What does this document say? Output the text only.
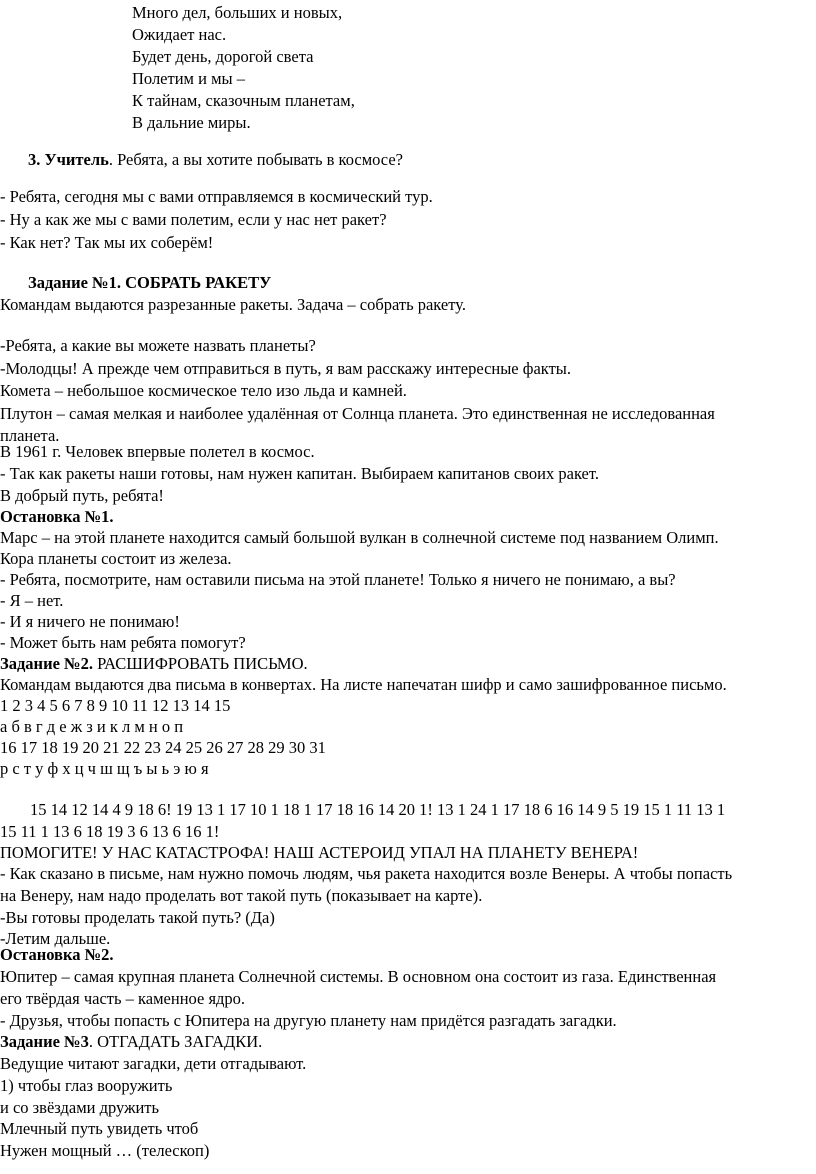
Много дел, больших и новых,
Ожидает нас.
Будет день, дорогой света
Полетим и мы –
К тайнам, сказочным планетам,
В дальние миры.
3. Учитель. Ребята, а вы хотите побывать в космосе?
- Ребята, сегодня мы с вами отправляемся в космический тур.
- Ну а как же мы с вами полетим, если у нас нет ракет?
- Как нет? Так мы их соберём!
Задание №1. СОБРАТЬ РАКЕТУ
Командам выдаются разрезанные ракеты. Задача – собрать ракету.
-Ребята, а какие вы можете назвать планеты?
-Молодцы! А прежде чем отправиться в путь, я вам расскажу интересные факты.
Комета – небольшое космическое тело изо льда и камней.
Плутон – самая мелкая и наиболее удалённая от Солнца планета. Это единственная не исследованная
планета.
В 1961 г. Человек впервые полетел в космос.
- Так как ракеты наши готовы, нам нужен капитан. Выбираем капитанов своих ракет.
В добрый путь, ребята!
Остановка №1.
Марс – на этой планете находится самый большой вулкан в солнечной системе под названием Олимп.
Кора планеты состоит из железа.
- Ребята, посмотрите, нам оставили письма на этой планете! Только я ничего не понимаю, а вы?
- Я – нет.
- И я ничего не понимаю!
- Может быть нам ребята помогут?
Задание №2. РАСШИФРОВАТЬ ПИСЬМО.
Командам выдаются два письма в конвертах. На листе напечатан шифр и само зашифрованное письмо.
1 2 3 4 5 6 7 8 9 10 11 12 13 14 15
а б в г д е ж з и к л м н о п
16 17 18 19 20 21 22 23 24 25 26 27 28 29 30 31
р с т у ф х ц ч ш щ ъ ы ь э ю я
15 14 12 14 4 9 18 6! 19 13 1 17 10 1 18 1 17 18 16 14 20 1! 13 1 24 1 17 18 6 16 14 9 5 19 15 1 11 13 1
15 11 1 13 6 18 19 3 6 13 6 16 1!
ПОМОГИТЕ! У НАС КАТАСТРОФА! НАШ АСТЕРОИД УПАЛ НА ПЛАНЕТУ ВЕНЕРА!
- Как сказано в письме, нам нужно помочь людям, чья ракета находится возле Венеры. А чтобы попасть
на Венеру, нам надо проделать вот такой путь (показывает на карте).
-Вы готовы проделать такой путь? (Да)
-Летим дальше.
Остановка №2.
Юпитер – самая крупная планета Солнечной системы. В основном она состоит из газа. Единственная
его твёрдая часть – каменное ядро.
- Друзья, чтобы попасть с Юпитера на другую планету нам придётся разгадать загадки.
Задание №3. ОТГАДАТЬ ЗАГАДКИ.
Ведущие читают загадки, дети отгадывают.
1) чтобы глаз вооружить
и со звёздами дружить
Млечный путь увидеть чтоб
Нужен мощный … (телескоп)
